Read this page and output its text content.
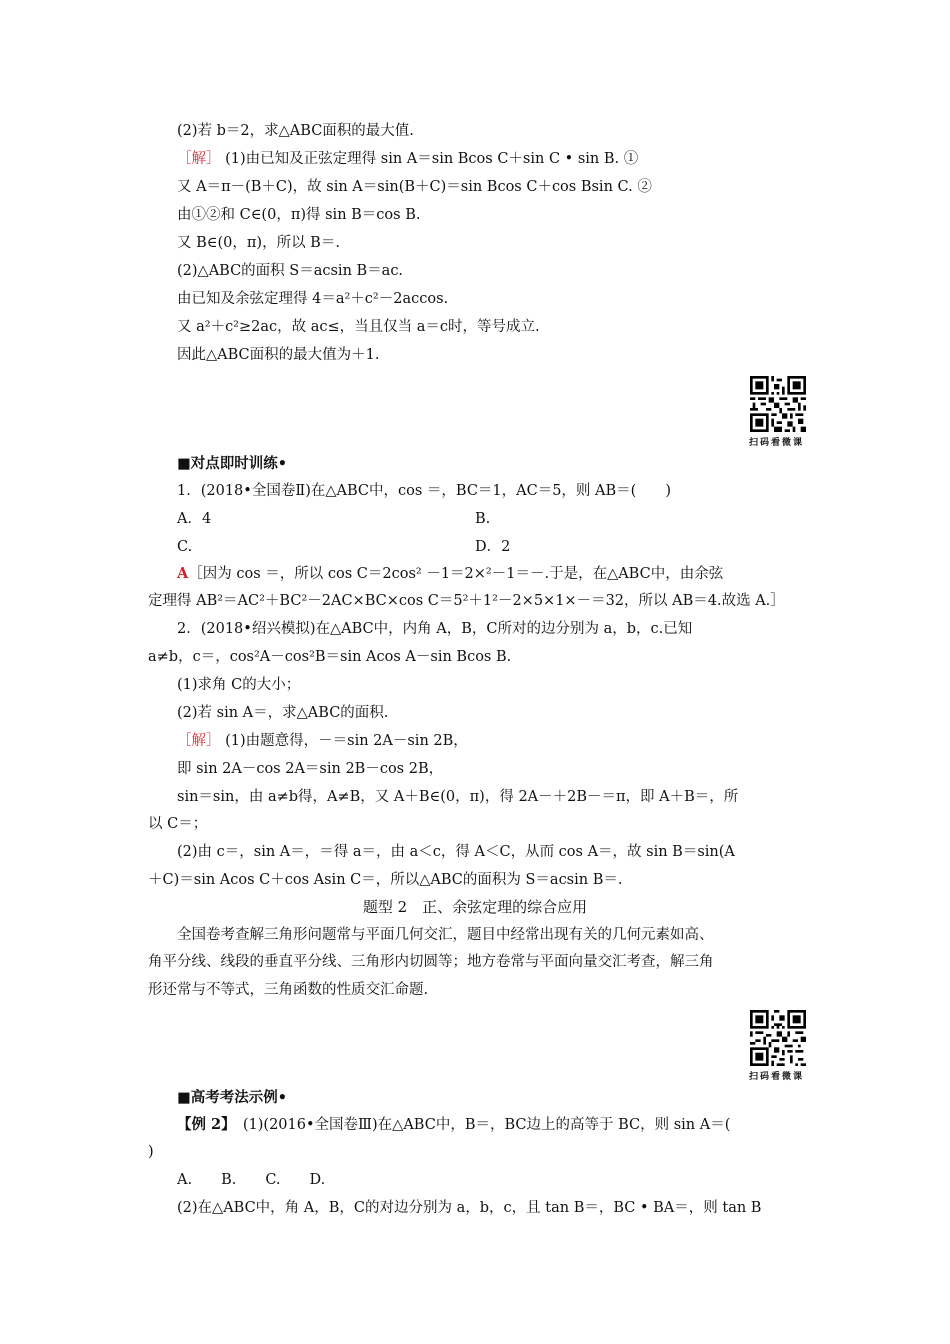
(2)若 b＝2，求△ABC面积的最大值.
［解］ (1)由已知及正弦定理得 sin A＝sin Bcos C＋sin C • sin B. ①
又 A＝π－(B＋C)，故 sin A＝sin(B＋C)＝sin Bcos C＋cos Bsin C. ②
由①②和 C∈(0，π)得 sin B＝cos B.
又 B∈(0，π)，所以 B＝.
(2)△ABC的面积 S＝acsin B＝ac.
由已知及余弦定理得 4＝a²＋c²－2accos.
又 a²＋c²≥2ac，故 ac≤，当且仅当 a＝c时，等号成立.
因此△ABC面积的最大值为＋1.
扫码看微课
■对点即时训练•
1．(2018•全国卷Ⅱ)在△ABC中，cos ＝，BC＝1，AC＝5，则 AB＝(　　)
A．4	B.
C.	D．2
A［因为 cos ＝，所以 cos C＝2cos² －1＝2×²－1＝－.于是，在△ABC中，由余弦
定理得 AB²＝AC²＋BC²－2AC×BC×cos C＝5²＋1²－2×5×1×－＝32，所以 AB＝4.故选 A.］
2．(2018•绍兴模拟)在△ABC中，内角 A，B，C所对的边分别为 a，b，c.已知
a≠b，c＝，cos²A－cos²B＝sin Acos A－sin Bcos B.
(1)求角 C的大小；
(2)若 sin A＝，求△ABC的面积.
［解］ (1)由题意得，－＝sin 2A－sin 2B，
即 sin 2A－cos 2A＝sin 2B－cos 2B，
sin＝sin，由 a≠b得，A≠B，又 A＋B∈(0，π)，得 2A－＋2B－＝π，即 A＋B＝，所
以 C＝；
(2)由 c＝，sin A＝，＝得 a＝，由 a＜c，得 A＜C，从而 cos A＝，故 sin B＝sin(A
＋C)＝sin Acos C＋cos Asin C＝，所以△ABC的面积为 S＝acsin B＝.
题型 2　正、余弦定理的综合应用
全国卷考查解三角形问题常与平面几何交汇，题目中经常出现有关的几何元素如高、
角平分线、线段的垂直平分线、三角形内切圆等；地方卷常与平面向量交汇考查，解三角
形还常与不等式，三角函数的性质交汇命题.
扫码看微课
■高考考法示例•
【例 2】　(1)(2016•全国卷Ⅲ)在△ABC中，B＝，BC边上的高等于 BC，则 sin A＝(
)
A.　　B.　　C.　　D.
(2)在△ABC中，角 A，B，C的对边分别为 a，b，c，且 tan B＝，BC • BA＝，则 tan B
